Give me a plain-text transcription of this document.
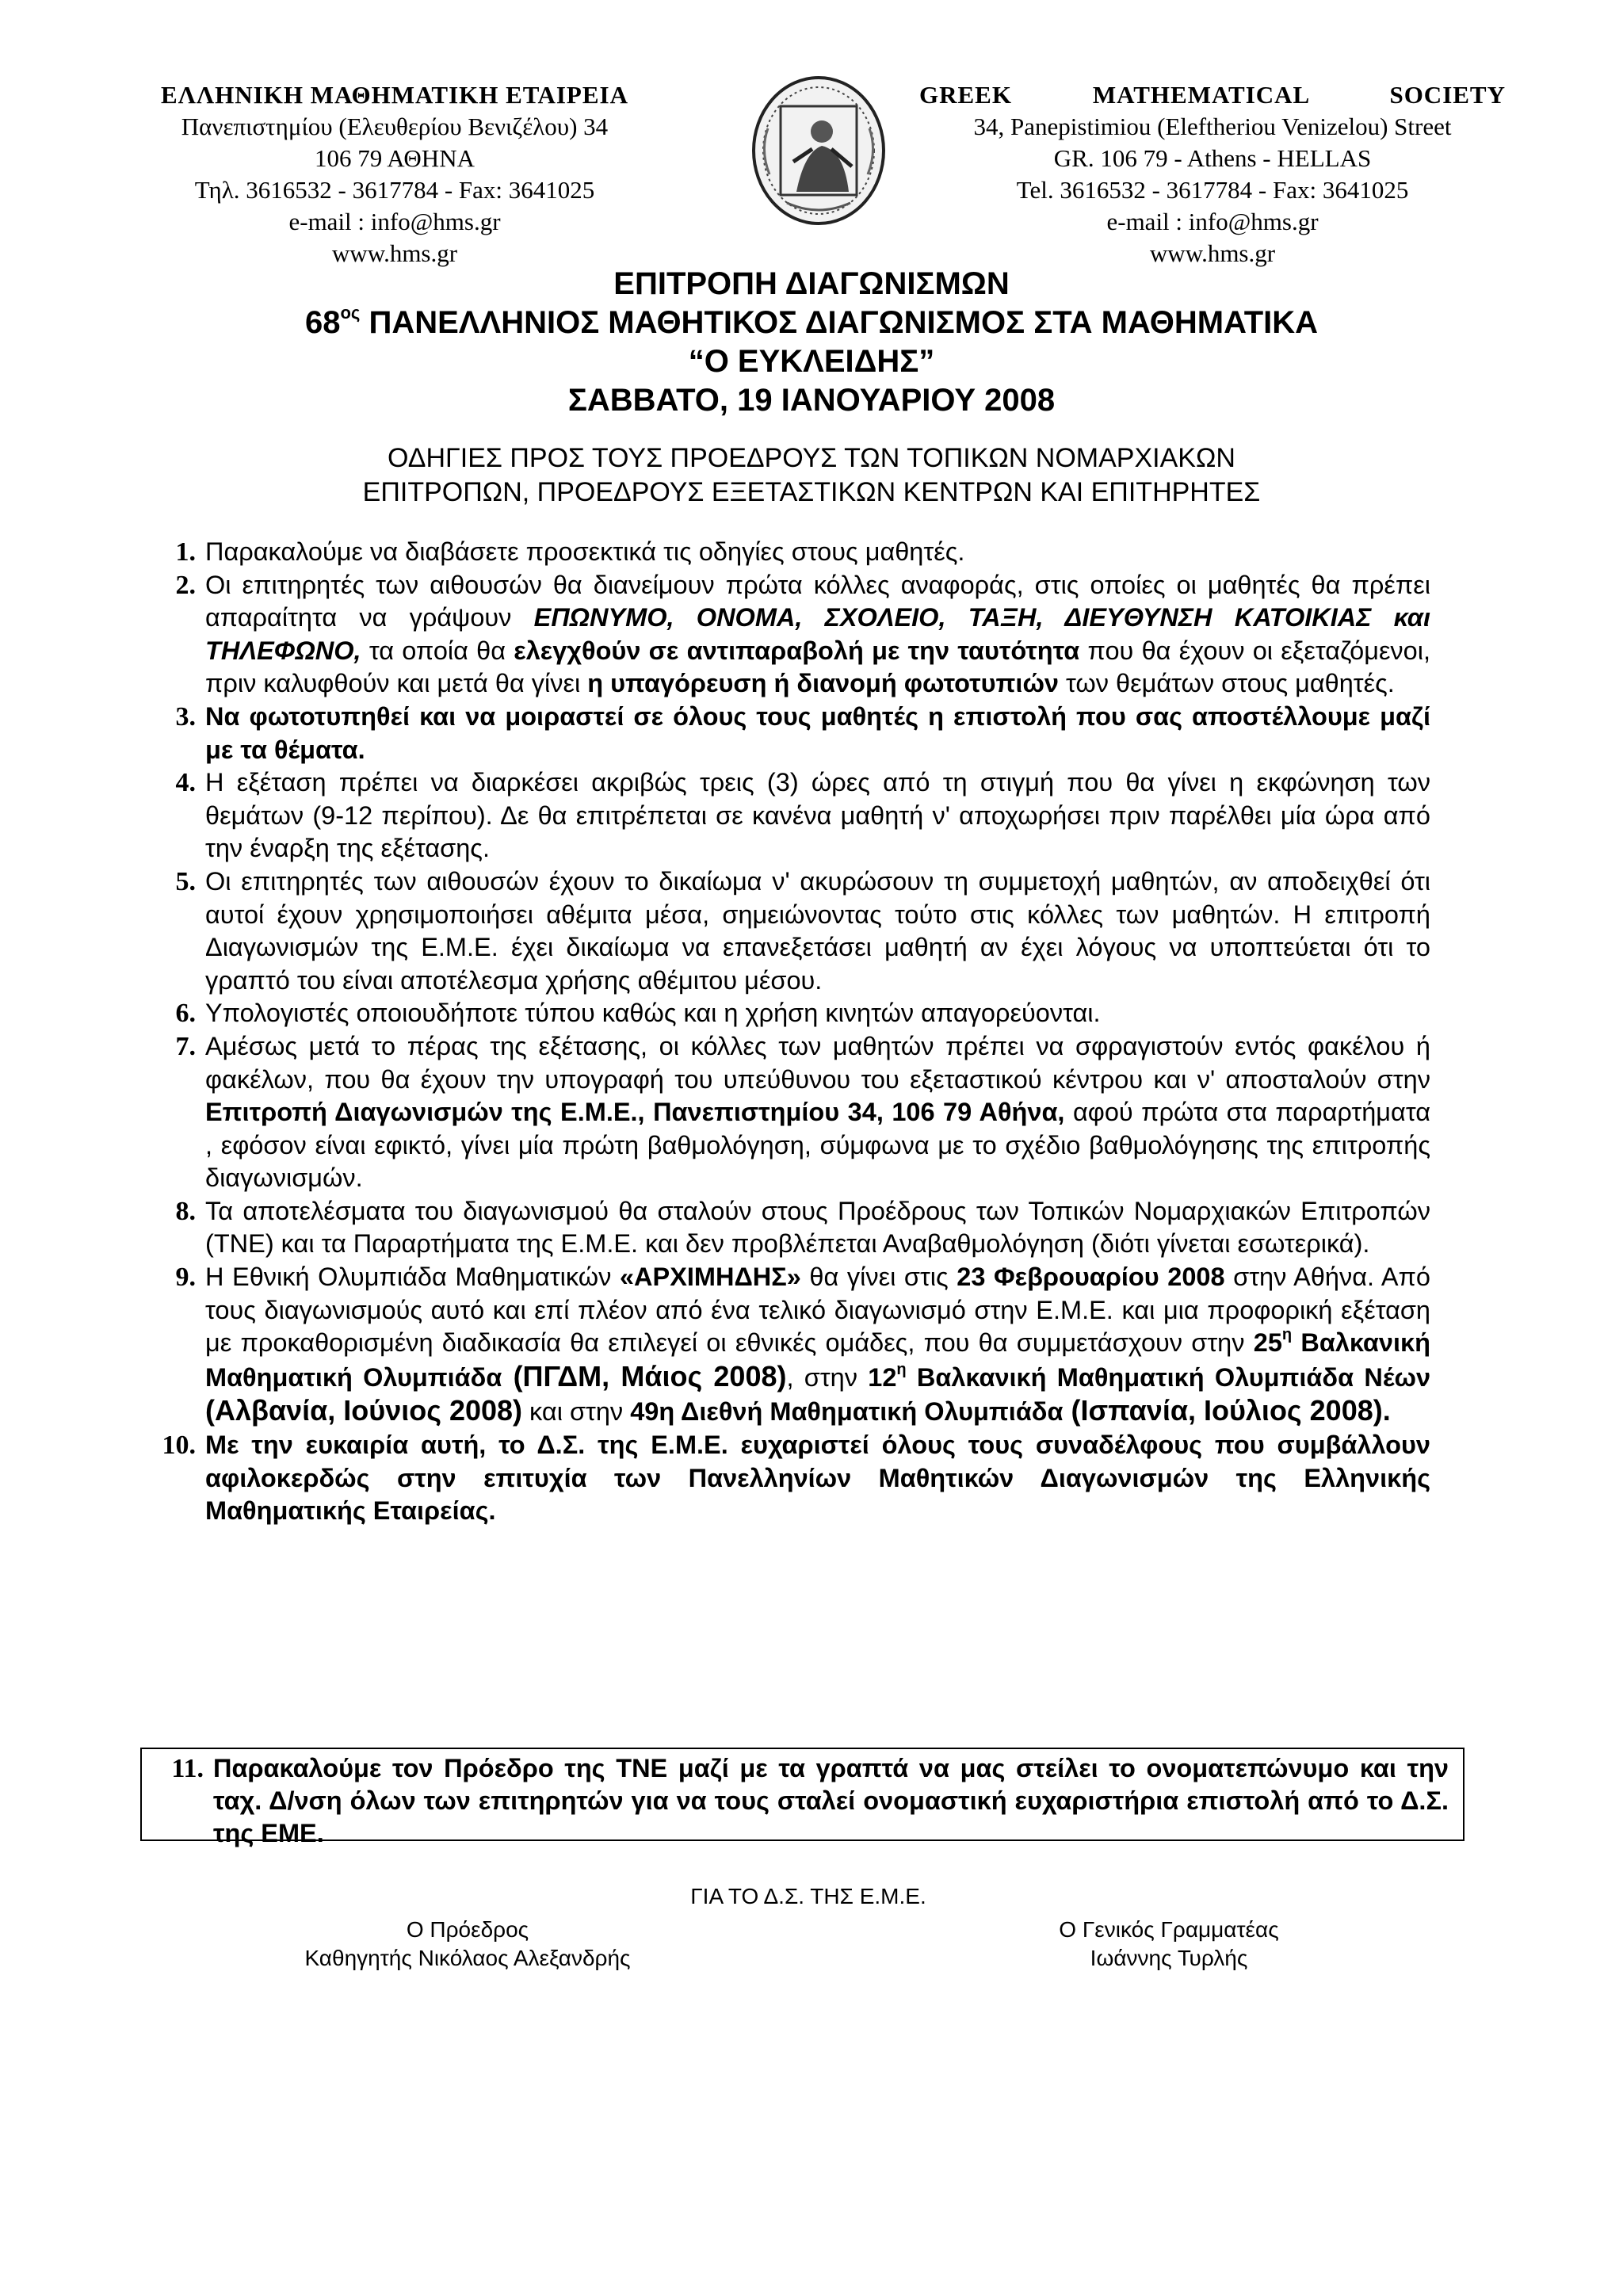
ΕΛΛΗΝΙΚΗ ΜΑΘΗΜΑΤΙΚΗ ΕΤΑΙΡΕΙΑ
Πανεπιστημίου (Ελευθερίου Βενιζέλου) 34
106 79 ΑΘΗΝΑ
Τηλ. 3616532 - 3617784 - Fax: 3641025
e-mail : info@hms.gr
www.hms.gr
GREEK MATHEMATICAL SOCIETY
34, Panepistimiou (Eleftheriou Venizelou) Street
GR. 106 79 - Athens - HELLAS
Tel. 3616532 - 3617784 - Fax: 3641025
e-mail : info@hms.gr
www.hms.gr
ΕΠΙΤΡΟΠΗ ΔΙΑΓΩΝΙΣΜΩΝ
$68^{o\varsigma}$ ΠΑΝΕΛΛΗΝΙΟΣ ΜΑΘΗΤΙΚΟΣ ΔΙΑΓΩΝΙΣΜΟΣ ΣΤΑ ΜΑΘΗΜΑΤΙΚΑ
“Ο ΕΥΚΛΕΙΔΗΣ”
ΣΑΒΒΑΤΟ, 19 ΙΑΝΟΥΑΡΙΟΥ 2008
ΟΔΗΓΙΕΣ ΠΡΟΣ ΤΟΥΣ ΠΡΟΕΔΡΟΥΣ ΤΩΝ ΤΟΠΙΚΩΝ ΝΟΜΑΡΧΙΑΚΩΝ
ΕΠΙΤΡΟΠΩΝ, ΠΡΟΕΔΡΟΥΣ ΕΞΕΤΑΣΤΙΚΩΝ ΚΕΝΤΡΩΝ ΚΑΙ ΕΠΙΤΗΡΗΤΕΣ
1. Παρακαλούμε να διαβάσετε προσεκτικά τις οδηγίες στους μαθητές.
2. Οι επιτηρητές των αιθουσών θα διανείμουν πρώτα κόλλες αναφοράς, στις οποίες οι μαθητές θα πρέπει απαραίτητα να γράψουν ΕΠΩΝΥΜΟ, ΟΝΟΜΑ, ΣΧΟΛΕΙΟ, ΤΑΞΗ, ΔΙΕΥΘΥΝΣΗ ΚΑΤΟΙΚΙΑΣ και ΤΗΛΕΦΩΝΟ, τα οποία θα ελεγχθούν σε αντιπαραβολή με την ταυτότητα που θα έχουν οι εξεταζόμενοι, πριν καλυφθούν και μετά θα γίνει η υπαγόρευση ή διανομή φωτοτυπιών των θεμάτων στους μαθητές.
3. Να φωτοτυπηθεί και να μοιραστεί σε όλους τους μαθητές η επιστολή που σας αποστέλλουμε μαζί με τα θέματα.
4. Η εξέταση πρέπει να διαρκέσει ακριβώς τρεις (3) ώρες από τη στιγμή που θα γίνει η εκφώνηση των θεμάτων (9-12 περίπου). Δε θα επιτρέπεται σε κανένα μαθητή ν' αποχωρήσει πριν παρέλθει μία ώρα από την έναρξη της εξέτασης.
5. Οι επιτηρητές των αιθουσών έχουν το δικαίωμα ν' ακυρώσουν τη συμμετοχή μαθητών, αν αποδειχθεί ότι αυτοί έχουν χρησιμοποιήσει αθέμιτα μέσα, σημειώνοντας τούτο στις κόλλες των μαθητών. Η επιτροπή Διαγωνισμών της Ε.Μ.Ε. έχει δικαίωμα να επανεξετάσει μαθητή αν έχει λόγους να υποπτεύεται ότι το γραπτό του είναι αποτέλεσμα χρήσης αθέμιτου μέσου.
6. Υπολογιστές οποιουδήποτε τύπου καθώς και η χρήση κινητών απαγορεύονται.
7. Αμέσως μετά το πέρας της εξέτασης, οι κόλλες των μαθητών πρέπει να σφραγιστούν εντός φακέλου ή φακέλων, που θα έχουν την υπογραφή του υπεύθυνου του εξεταστικού κέντρου και ν' αποσταλούν στην Επιτροπή Διαγωνισμών της Ε.Μ.Ε., Πανεπιστημίου 34, 106 79 Αθήνα, αφού πρώτα στα παραρτήματα , εφόσον είναι εφικτό, γίνει μία πρώτη βαθμολόγηση, σύμφωνα με το σχέδιο βαθμολόγησης της επιτροπής διαγωνισμών.
8. Τα αποτελέσματα του διαγωνισμού θα σταλούν στους Προέδρους των Τοπικών Νομαρχιακών Επιτροπών (ΤΝΕ) και τα Παραρτήματα της Ε.Μ.Ε. και δεν προβλέπεται Αναβαθμολόγηση (διότι γίνεται εσωτερικά).
9. Η Εθνική Ολυμπιάδα Μαθηματικών «ΑΡΧΙΜΗΔΗΣ» θα γίνει στις 23 Φεβρουαρίου 2008 στην Αθήνα. Από τους διαγωνισμούς αυτό και επί πλέον από ένα τελικό διαγωνισμό στην Ε.Μ.Ε. και μια προφορική εξέταση με προκαθορισμένη διαδικασία θα επιλεγεί οι εθνικές ομάδες, που θα συμμετάσχουν στην $25^\eta$ Βαλκανική Μαθηματική Ολυμπιάδα (ΠΓΔΜ, Μάιος 2008), στην $12^\eta$ Βαλκανική Μαθηματική Ολυμπιάδα Νέων (Αλβανία, Ιούνιος 2008) και στην 49η Διεθνή Μαθηματική Ολυμπιάδα (Ισπανία, Ιούλιος 2008).
10. Με την ευκαιρία αυτή, το Δ.Σ. της Ε.Μ.Ε. ευχαριστεί όλους τους συναδέλφους που συμβάλλουν αφιλοκερδώς στην επιτυχία των Πανελληνίων Μαθητικών Διαγωνισμών της Ελληνικής Μαθηματικής Εταιρείας.
11. Παρακαλούμε τον Πρόεδρο της ΤΝΕ μαζί με τα γραπτά να μας στείλει το ονοματεπώνυμο και την ταχ. Δ/νση όλων των επιτηρητών για να τους σταλεί ονομαστική ευχαριστήρια επιστολή από το Δ.Σ. της ΕΜΕ.
ΓΙΑ ΤΟ Δ.Σ. ΤΗΣ Ε.Μ.Ε.
Ο Πρόεδρος
Καθηγητής Νικόλαος Αλεξανδρής
Ο Γενικός Γραμματέας
Ιωάννης Τυρλής
